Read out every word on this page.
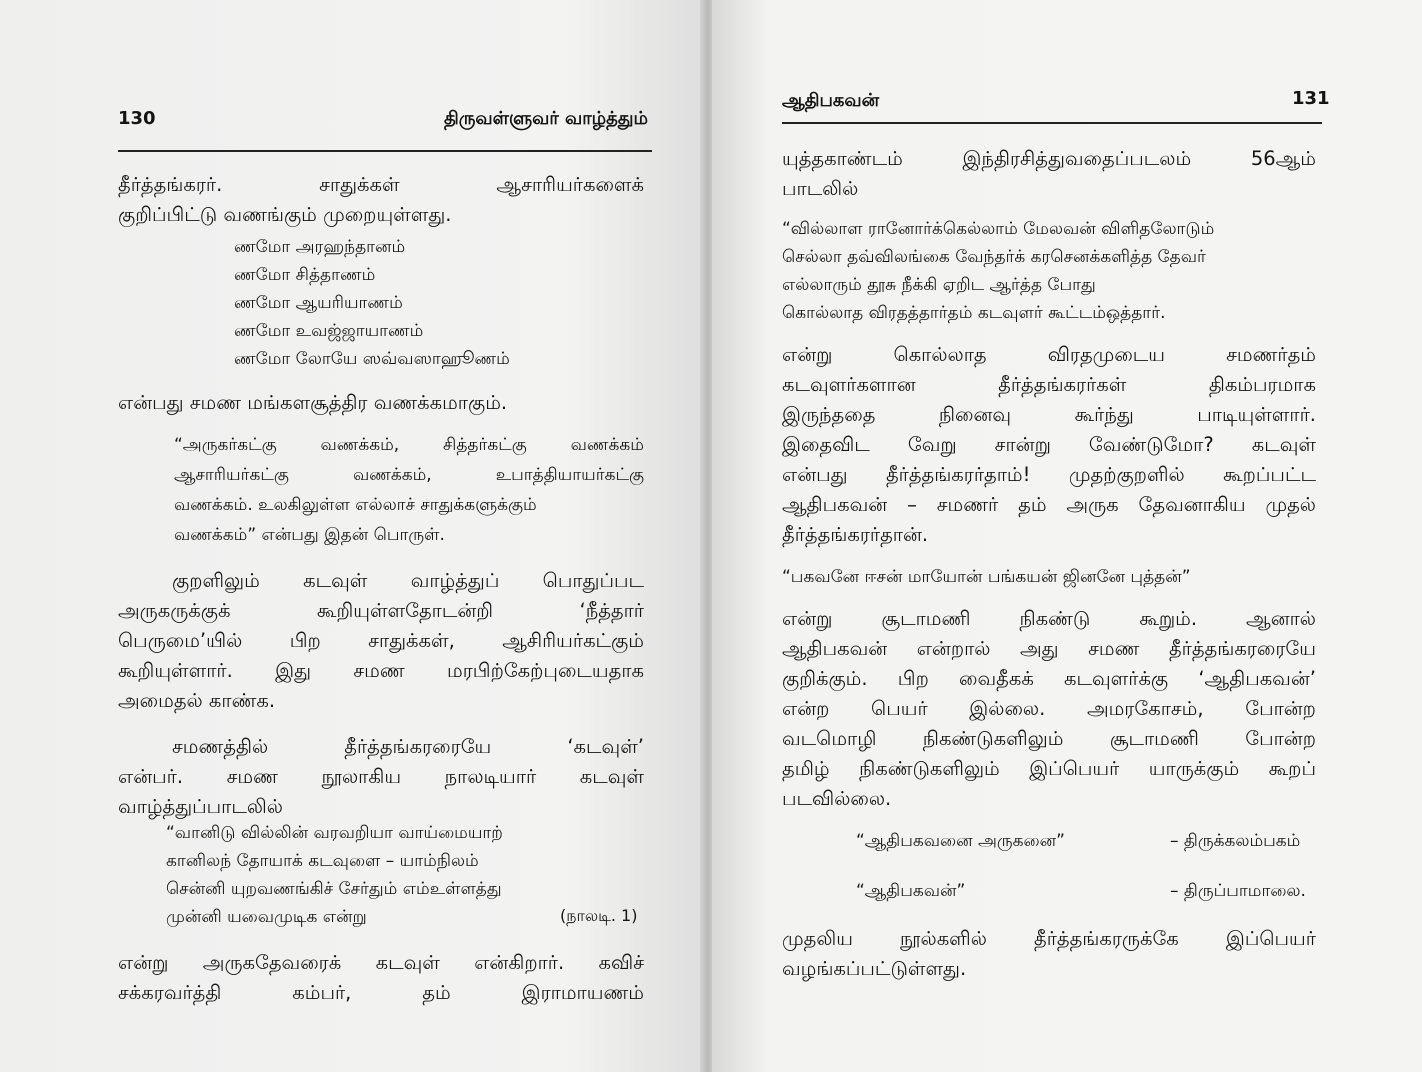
130	திருவள்ளுவர் வாழ்த்தும்
தீர்த்தங்கரர்.	சாதுக்கள்	ஆசாரியர்களைக்
குறிப்பிட்டு வணங்கும் முறையுள்ளது.
ணமோ அரஹந்தானம்
ணமோ சித்தாணம்
ணமோ ஆயரியாணம்
ணமோ உவஜ்ஜாயாணம்
ணமோ லோயே ஸவ்வஸாஹூணம்
என்பது சமண மங்களசூத்திர வணக்கமாகும்.
“அருகர்கட்கு	வணக்கம்,	சித்தர்கட்கு	வணக்கம்
ஆசாரியர்கட்கு	வணக்கம்,	உபாத்தியாயர்கட்கு
வணக்கம். உலகிலுள்ள எல்லாச் சாதுக்களுக்கும்
வணக்கம்” என்பது இதன் பொருள்.
குறளிலும் கடவுள் வாழ்த்துப் பொதுப்பட
அருகருக்குக்	கூறியுள்ளதோடன்றி	‘நீத்தார்
பெருமை’யில் பிற சாதுக்கள், ஆசிரியர்கட்கும்
கூறியுள்ளார். இது சமண மரபிற்கேற்புடையதாக
அமைதல் காண்க.
சமணத்தில்	தீர்த்தங்கரரையே	‘கடவுள்’
என்பர். சமண நூலாகிய நாலடியார் கடவுள்
வாழ்த்துப்பாடலில்
“வானிடு வில்லின் வரவறியா வாய்மையாற்
கானிலந் தோயாக் கடவுளை – யாம்நிலம்
சென்னி யுறவணங்கிச் சேர்தும் எம்உள்ளத்து
முன்னி யவைமுடிக என்று	(நாலடி. 1)
என்று அருகதேவரைக் கடவுள் என்கிறார். கவிச்
சக்கரவர்த்தி	கம்பர்,	தம்	இராமாயணம்
ஆதிபகவன்	131
யுத்தகாண்டம்	இந்திரசித்துவதைப்படலம்	56ஆம்
பாடலில்
“வில்லாள ரானோர்க்கெல்லாம் மேலவன் விளிதலோடும்
செல்லா தவ்விலங்கை வேந்தர்க் கரசெனக்களித்த தேவர்
எல்லாரும் தூசு நீக்கி ஏறிட ஆர்த்த போது
கொல்லாத விரதத்தார்தம் கடவுளர் கூட்டம்ஒத்தார்.
என்று	கொல்லாத	விரதமுடைய	சமணர்தம்
கடவுளர்களான	தீர்த்தங்கரர்கள்	திகம்பரமாக
இருந்ததை	நினைவு	கூர்ந்து	பாடியுள்ளார்.
இதைவிட வேறு சான்று வேண்டுமோ? கடவுள்
என்பது தீர்த்தங்கரர்தாம்! முதற்குறளில் கூறப்பட்ட
ஆதிபகவன் – சமணர் தம் அருக தேவனாகிய முதல்
தீர்த்தங்கரர்தான்.
“பகவனே ஈசன் மாயோன் பங்கயன் ஜினனே புத்தன்”
என்று	சூடாமணி	நிகண்டு	கூறும்.	ஆனால்
ஆதிபகவன் என்றால் அது சமண தீர்த்தங்கரரையே
குறிக்கும். பிற வைதீகக் கடவுளர்க்கு ‘ஆதிபகவன்’
என்ற பெயர் இல்லை. அமரகோசம், போன்ற
வடமொழி நிகண்டுகளிலும் சூடாமணி போன்ற
தமிழ் நிகண்டுகளிலும் இப்பெயர் யாருக்கும் கூறப்
படவில்லை.
“ஆதிபகவனை அருகனை”	– திருக்கலம்பகம்
“ஆதிபகவன்”	– திருப்பாமாலை.
முதலிய நூல்களில் தீர்த்தங்கரருக்கே இப்பெயர்
வழங்கப்பட்டுள்ளது.
